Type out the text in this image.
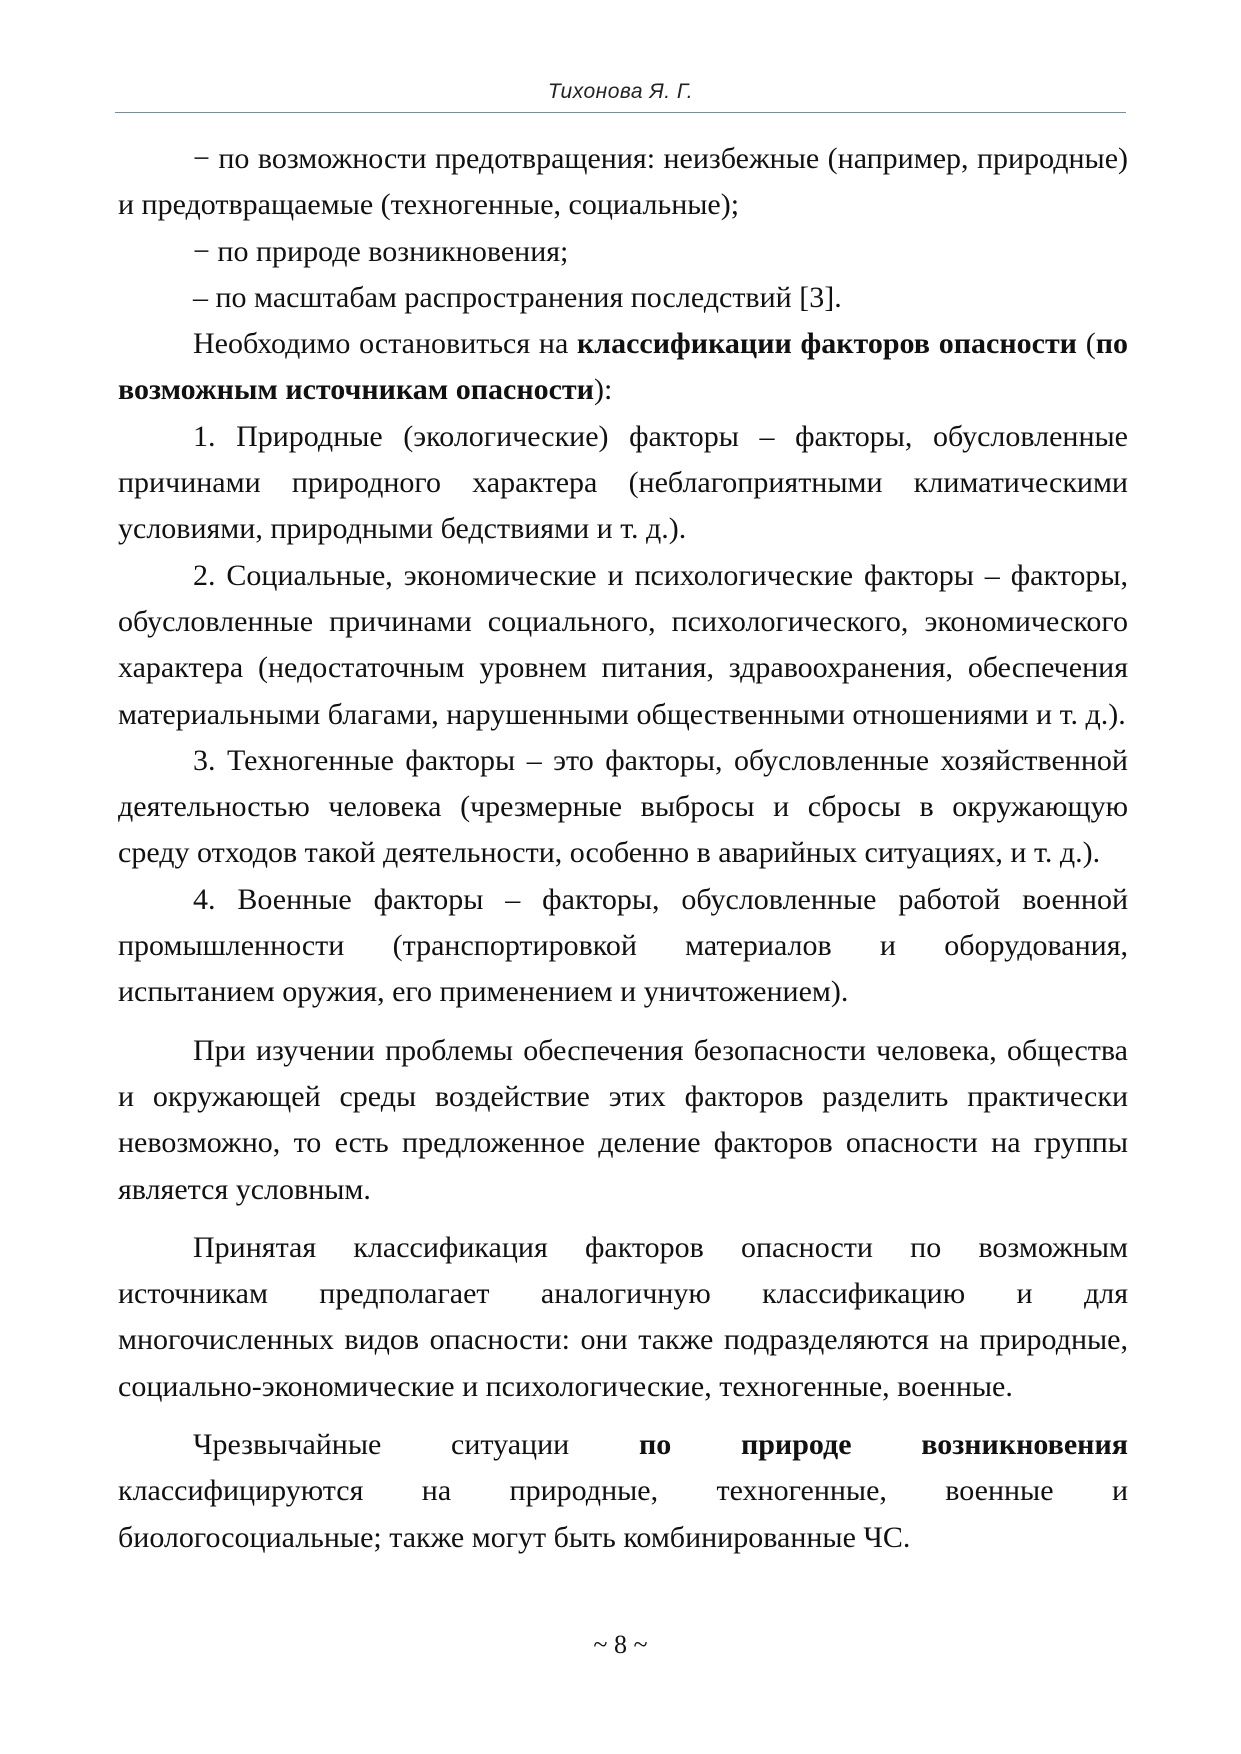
Тихонова Я. Г.

− по возможности предотвращения: неизбежные (например, природные) и предотвращаемые (техногенные, социальные);

− по природе возникновения;

– по масштабам распространения последствий [3].

Необходимо остановиться на классификации факторов опасности (по возможным источникам опасности):

1. Природные (экологические) факторы – факторы, обусловленные причинами природного характера (неблагоприятными климатическими условиями, природными бедствиями и т. д.).

2. Социальные, экономические и психологические факторы – факторы, обусловленные причинами социального, психологического, экономического характера (недостаточным уровнем питания, здравоохранения, обеспечения материальными благами, нарушенными общественными отношениями и т. д.).

3. Техногенные факторы – это факторы, обусловленные хозяйственной деятельностью человека (чрезмерные выбросы и сбросы в окружающую среду отходов такой деятельности, особенно в аварийных ситуациях, и т. д.).

4. Военные факторы – факторы, обусловленные работой военной промышленности (транспортировкой материалов и оборудования, испытанием оружия, его применением и уничтожением).

При изучении проблемы обеспечения безопасности человека, общества и окружающей среды воздействие этих факторов разделить практически невозможно, то есть предложенное деление факторов опасности на группы является условным.

Принятая классификация факторов опасности по возможным источникам предполагает аналогичную классификацию и для многочисленных видов опасности: они также подразделяются на природные, социально-экономические и психологические, техногенные, военные.

Чрезвычайные ситуации по природе возникновения классифицируются на природные, техногенные, военные и биологосоциальные; также могут быть комбинированные ЧС.

~ 8 ~
